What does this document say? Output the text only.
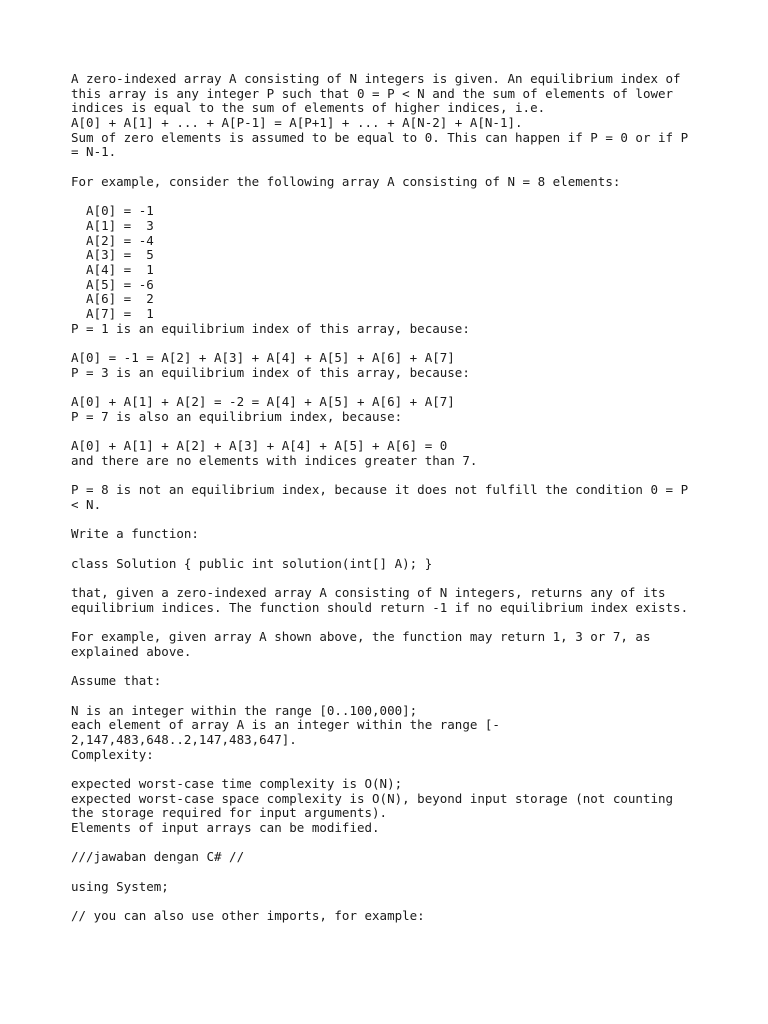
A zero-indexed array A consisting of N integers is given. An equilibrium index of
this array is any integer P such that 0 = P < N and the sum of elements of lower
indices is equal to the sum of elements of higher indices, i.e.
A[0] + A[1] + ... + A[P-1] = A[P+1] + ... + A[N-2] + A[N-1].
Sum of zero elements is assumed to be equal to 0. This can happen if P = 0 or if P
= N-1.
For example, consider the following array A consisting of N = 8 elements:
A[0] = -1
A[1] =  3
A[2] = -4
A[3] =  5
A[4] =  1
A[5] = -6
A[6] =  2
A[7] =  1
P = 1 is an equilibrium index of this array, because:
A[0] = -1 = A[2] + A[3] + A[4] + A[5] + A[6] + A[7]
P = 3 is an equilibrium index of this array, because:
A[0] + A[1] + A[2] = -2 = A[4] + A[5] + A[6] + A[7]
P = 7 is also an equilibrium index, because:
A[0] + A[1] + A[2] + A[3] + A[4] + A[5] + A[6] = 0
and there are no elements with indices greater than 7.
P = 8 is not an equilibrium index, because it does not fulfill the condition 0 = P
< N.
Write a function:
class Solution { public int solution(int[] A); }
that, given a zero-indexed array A consisting of N integers, returns any of its
equilibrium indices. The function should return -1 if no equilibrium index exists.
For example, given array A shown above, the function may return 1, 3 or 7, as
explained above.
Assume that:
N is an integer within the range [0..100,000];
each element of array A is an integer within the range [-
2,147,483,648..2,147,483,647].
Complexity:
expected worst-case time complexity is O(N);
expected worst-case space complexity is O(N), beyond input storage (not counting
the storage required for input arguments).
Elements of input arrays can be modified.
///jawaban dengan C# //
using System;
// you can also use other imports, for example:
